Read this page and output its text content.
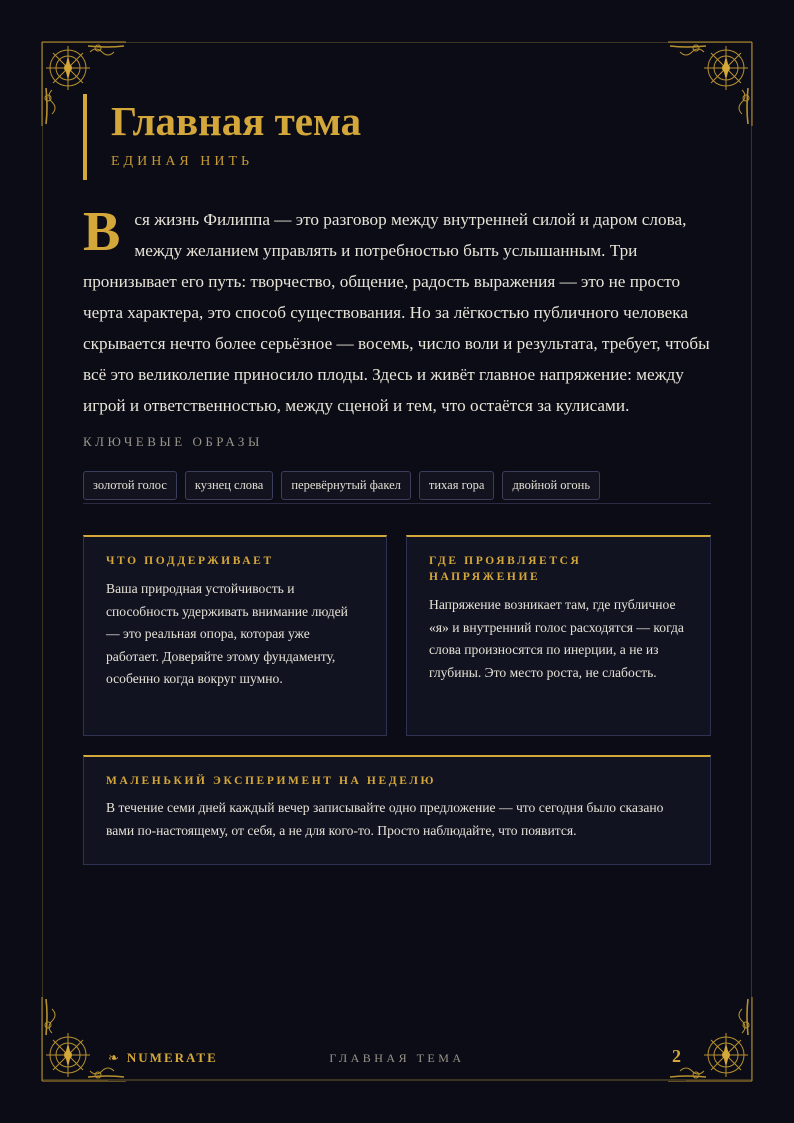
Главная тема
ЕДИНАЯ НИТЬ
В ся жизнь Филиппа — это разговор между внутренней силой и даром слова, между желанием управлять и потребностью быть услышанным. Три пронизывает его путь: творчество, общение, радость выражения — это не просто черта характера, это способ существования. Но за лёгкостью публичного человека скрывается нечто более серьёзное — восемь, число воли и результата, требует, чтобы всё это великолепие приносило плоды. Здесь и живёт главное напряжение: между игрой и ответственностью, между сценой и тем, что остаётся за кулисами.
КЛЮЧЕВЫЕ ОБРАЗЫ
золотой голос	кузнец слова	перевёрнутый факел	тихая гора	двойной огонь
ЧТО ПОДДЕРЖИВАЕТ
Ваша природная устойчивость и способность удерживать внимание людей — это реальная опора, которая уже работает. Доверяйте этому фундаменту, особенно когда вокруг шумно.
ГДЕ ПРОЯВЛЯЕТСЯ НАПРЯЖЕНИЕ
Напряжение возникает там, где публичное «я» и внутренний голос расходятся — когда слова произносятся по инерции, а не из глубины. Это место роста, не слабость.
МАЛЕНЬКИЙ ЭКСПЕРИМЕНТ НА НЕДЕЛЮ
В течение семи дней каждый вечер записывайте одно предложение — что сегодня было сказано вами по-настоящему, от себя, а не для кого-то. Просто наблюдайте, что появится.
❧ NUMERATE	ГЛАВНАЯ ТЕМА	2
